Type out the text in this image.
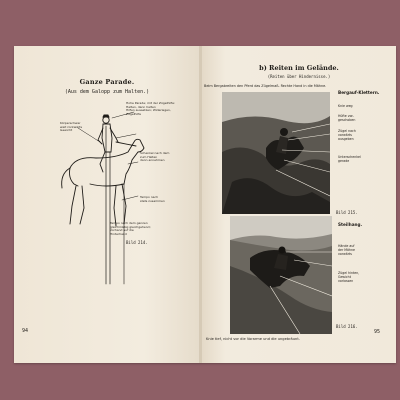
Ganze Parade.
(Aus dem Galopp zum Halten.)
Hohe Parade; mit der Zügelhilfe:
Halten, dann halten
Hilfen aussetzen; Widerlegen,
Zügelhilfe
Körperschwer
weit rückwärts
Gewicht
Schenkel nach dem
zum Halten
dann annehmen
Tempo nach
stets zusammen
Tempo nach dem ganzen
gleichmäßig gleichgehend;
Vorhand auf die
Hinterhand
Bild 214.
94
b) Reiten im Gelände.
(Reiten über Hindernisse.)
Beim Bergabreiten den Pferd das Zügelmaß. Rechte Hand in die Mähne.
Bergauf-Klettern.
Knie weg
Hüfte vor-
geschoben
Zügel nach
vorwärts
ausgeben
Unterschenkel
gerade
Bild 215.
Steilhang.
Hände auf
der Mähne
vorwärts
Zügel hinten,
Gewicht
vorlassen
Bild 216.
Knie tief, nicht vor die Vorarme und die ungebräunt.
95
